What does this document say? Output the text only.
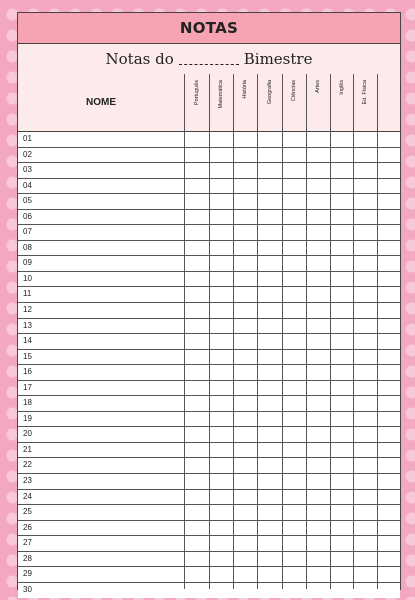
NOTAS
Notas do	Bimestre
NOME	Português	Matemática	História	Geografia	Ciências	Artes	Inglês	Ed. Física
01
02
03
04
05
06
07
08
09
10
11
12
13
14
15
16
17
18
19
20
21
22
23
24
25
26
27
28
29
30
